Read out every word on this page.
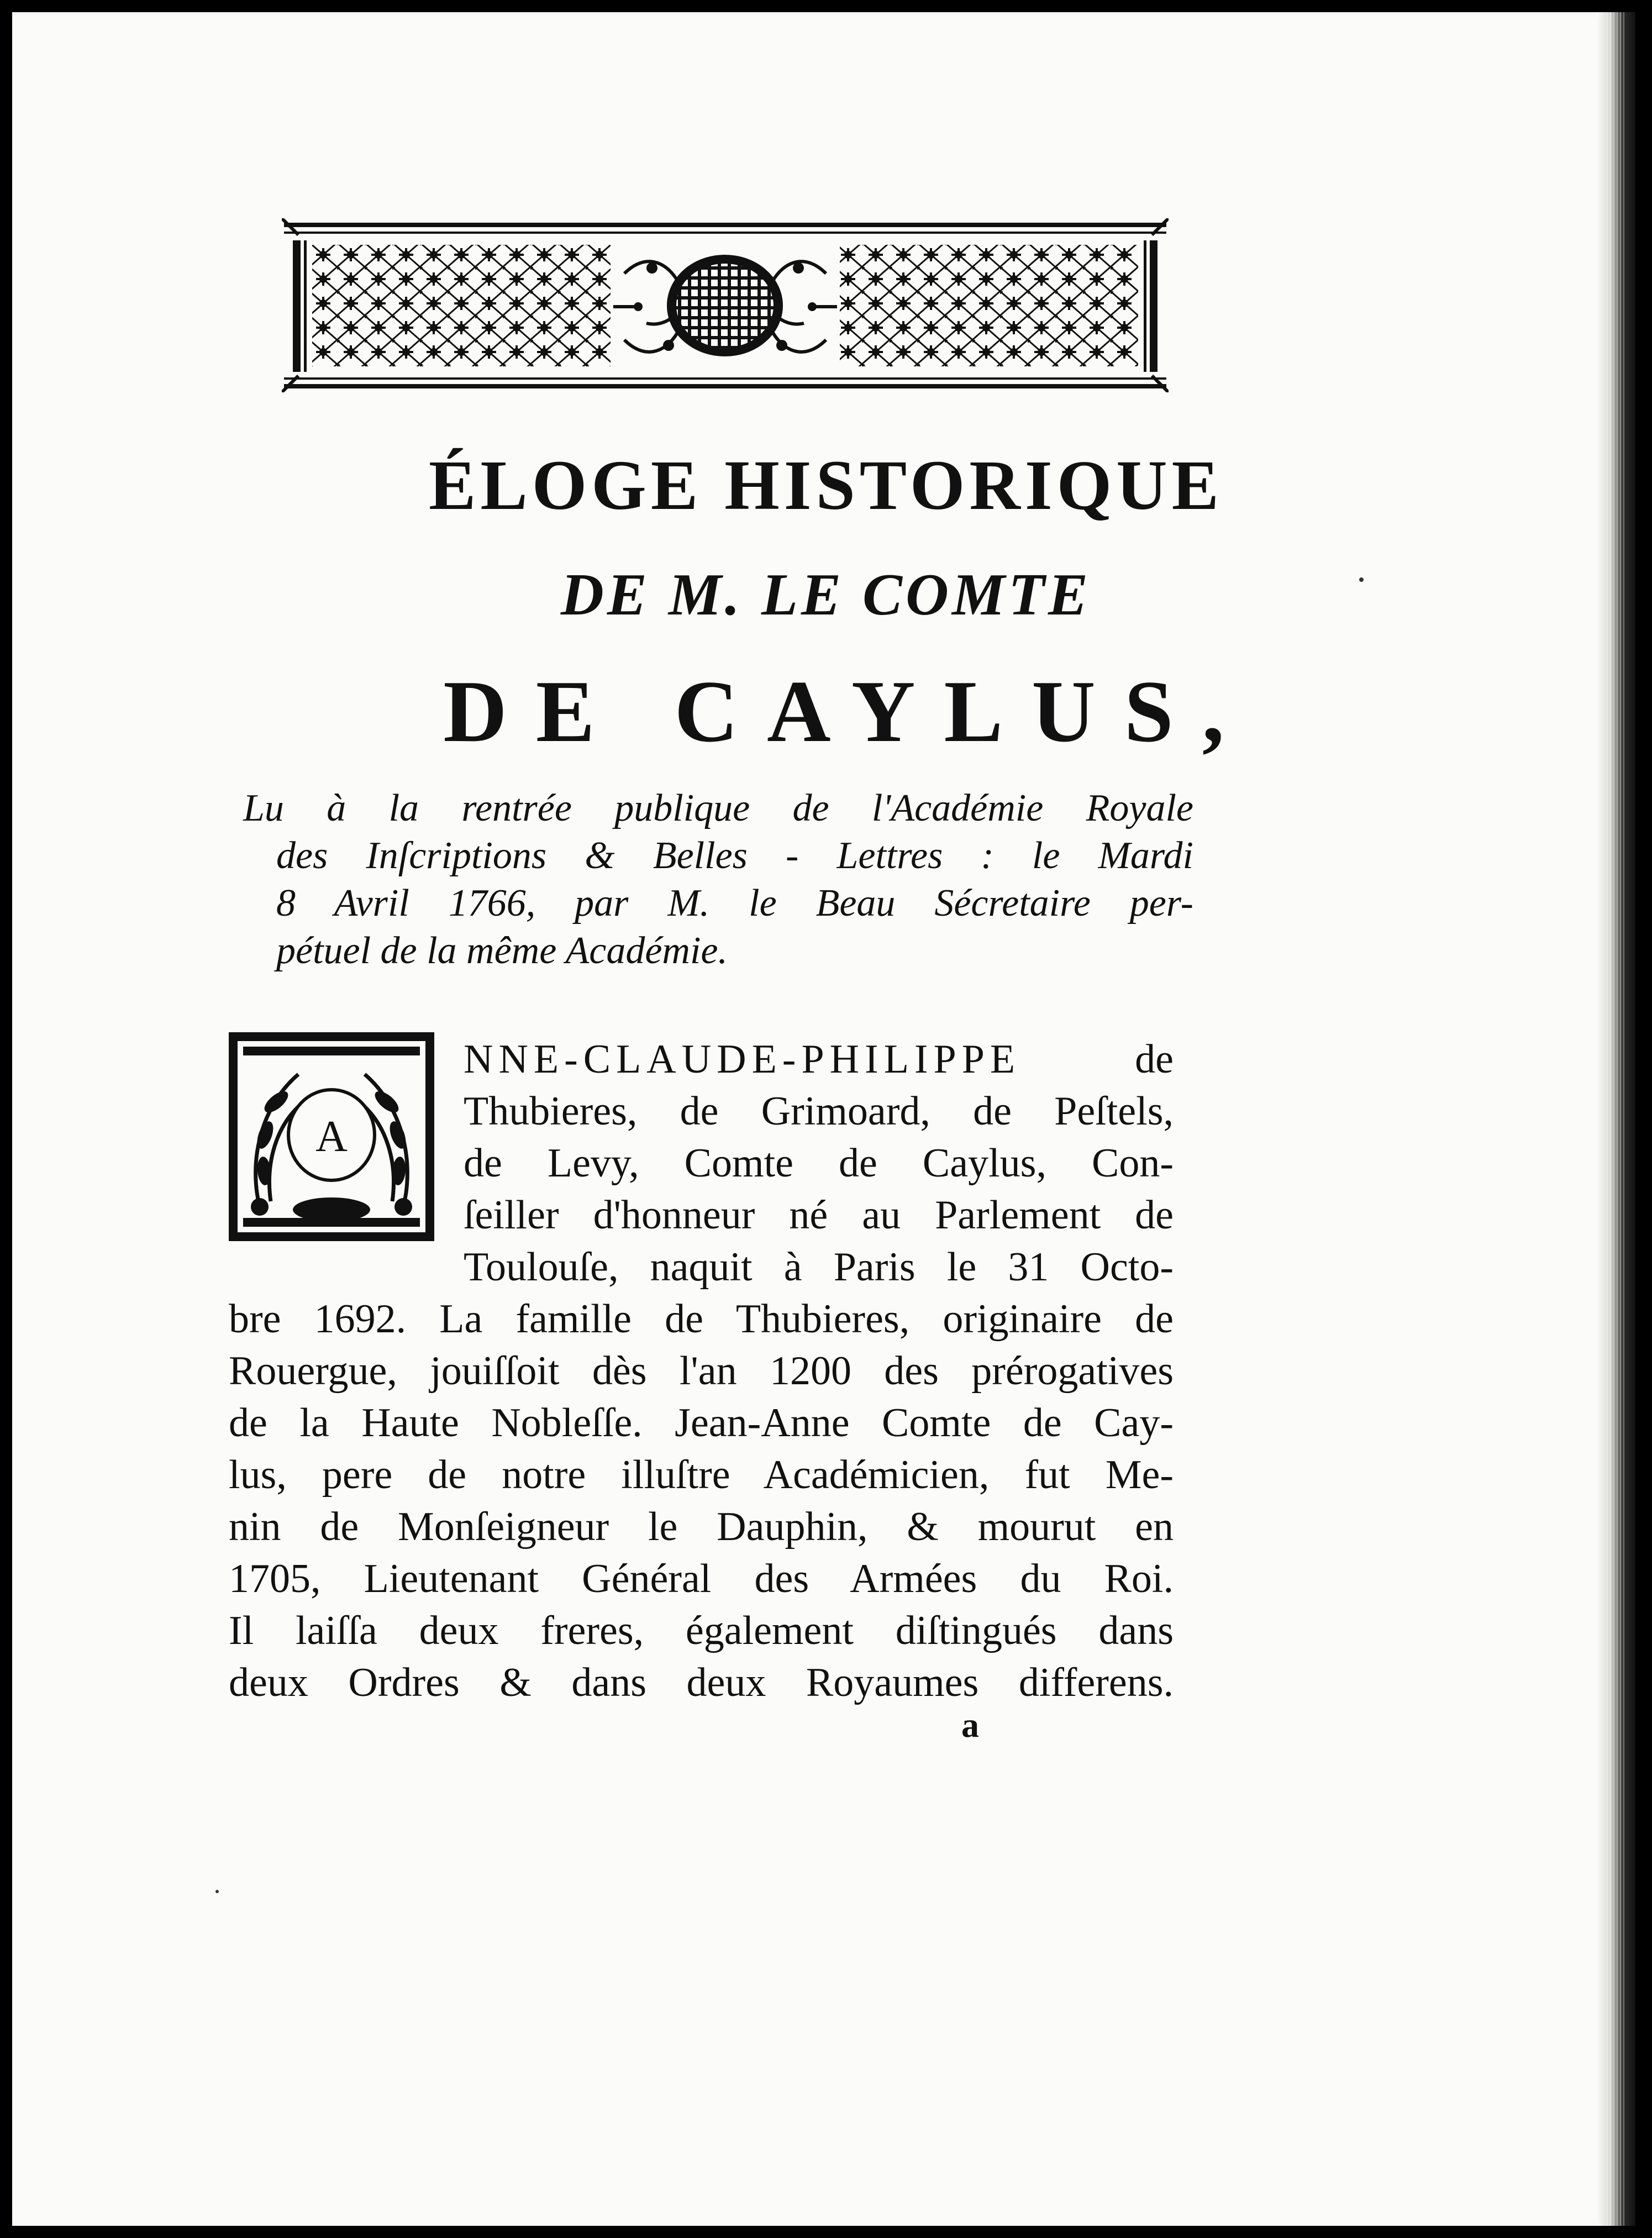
ÉLOGE HISTORIQUE
DE M. LE COMTE
DE CAYLUS,
Lu à la rentrée publique de l'Académie Royale
des Inſcriptions & Belles - Lettres : le Mardi
8 Avril 1766, par M. le Beau Sécretaire per-
pétuel de la même Académie.
A
NNE-CLAUDE-PHILIPPE	de
Thubieres, de Grimoard, de Peſtels,
de Levy, Comte de Caylus, Con-
ſeiller d'honneur né au Parlement de
Toulouſe, naquit à Paris le 31 Octo-
bre 1692. La famille de Thubieres, originaire de
Rouergue, jouiſſoit dès l'an 1200 des prérogatives
de la Haute Nobleſſe. Jean-Anne Comte de Cay-
lus, pere de notre illuſtre Académicien, fut Me-
nin de Monſeigneur le Dauphin, & mourut en
1705, Lieutenant Général des Armées du Roi.
Il laiſſa deux freres, également diſtingués dans
deux Ordres & dans deux Royaumes differens.
a
